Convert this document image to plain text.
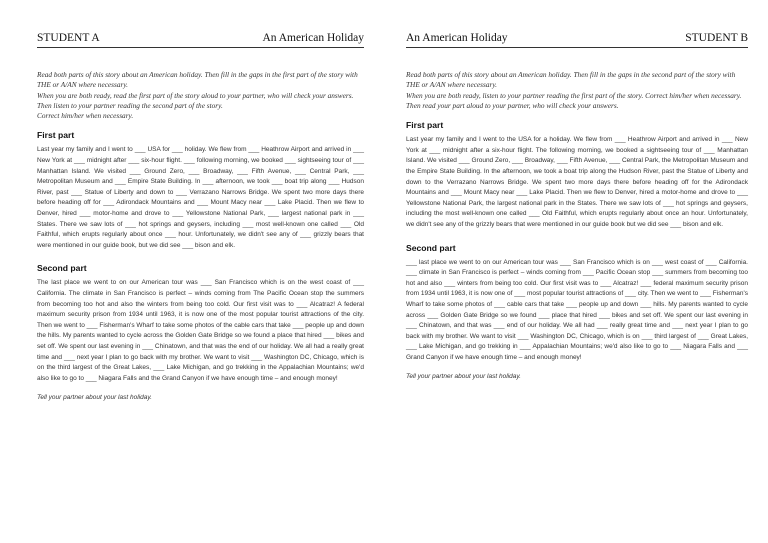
STUDENT A	An American Holiday
Read both parts of this story about an American holiday. Then fill in the gaps in the first part of the story with THE or A/AN where necessary.
When you are both ready, read the first part of the story aloud to your partner, who will check your answers. Then listen to your partner reading the second part of the story.
Correct him/her when necessary.
First part
Last year my family and I went to ___ USA for ___ holiday. We flew from ___ Heathrow Airport and arrived in ___ New York at ___ midnight after ___ six-hour flight. ___ following morning, we booked ___ sightseeing tour of ___ Manhattan Island. We visited ___ Ground Zero, ___ Broadway, ___ Fifth Avenue, ___ Central Park, ___ Metropolitan Museum and ___ Empire State Building. In ___ afternoon, we took ___ boat trip along ___ Hudson River, past ___ Statue of Liberty and down to ___ Verrazano Narrows Bridge. We spent two more days there before heading off for ___ Adirondack Mountains and ___ Mount Macy near ___ Lake Placid. Then we flew to Denver, hired ___ motor-home and drove to ___ Yellowstone National Park, ___ largest national park in ___ States. There we saw lots of ___ hot springs and geysers, including ___ most well-known one called ___ Old Faithful, which erupts regularly about once ___ hour. Unfortunately, we didn't see any of ___ grizzly bears that were mentioned in our guide book, but we did see ___ bison and elk.
Second part
The last place we went to on our American tour was ___ San Francisco which is on the west coast of ___ California. The climate in San Francisco is perfect – winds coming from The Pacific Ocean stop the summers from becoming too hot and also the winters from being too cold. Our first visit was to ___ Alcatraz! A federal maximum security prison from 1934 until 1963, it is now one of the most popular tourist attractions of the city. Then we went to ___ Fisherman's Wharf to take some photos of the cable cars that take ___ people up and down the hills. My parents wanted to cycle across the Golden Gate Bridge so we found a place that hired ___ bikes and set off. We spent our last evening in ___ Chinatown, and that was the end of our holiday. We all had a really great time and ___ next year I plan to go back with my brother. We want to visit ___ Washington DC, Chicago, which is on the third largest of the Great Lakes, ___ Lake Michigan, and go trekking in the Appalachian Mountains; we'd also like to go to ___ Niagara Falls and the Grand Canyon if we have enough time – and enough money!
Tell your partner about your last holiday.
An American Holiday	STUDENT B
Read both parts of this story about an American holiday. Then fill in the gaps in the second part of the story with THE or A/AN where necessary.
When you are both ready, listen to your partner reading the first part of the story. Correct him/her when necessary.
Then read your part aloud to your partner, who will check your answers.
First part
Last year my family and I went to the USA for a holiday. We flew from ___ Heathrow Airport and arrived in ___ New York at ___ midnight after a six-hour flight. The following morning, we booked a sightseeing tour of ___ Manhattan Island. We visited ___ Ground Zero, ___ Broadway, ___ Fifth Avenue, ___ Central Park, the Metropolitan Museum and the Empire State Building. In the afternoon, we took a boat trip along the Hudson River, past the Statue of Liberty and down to the Verrazano Narrows Bridge. We spent two more days there before heading off for the Adirondack Mountains and ___ Mount Macy near ___ Lake Placid. Then we flew to Denver, hired a motor-home and drove to ___ Yellowstone National Park, the largest national park in the States. There we saw lots of ___ hot springs and geysers, including the most well-known one called ___ Old Faithful, which erupts regularly about once an hour. Unfortunately, we didn't see any of the grizzly bears that were mentioned in our guide book but we did see ___ bison and elk.
Second part
___ last place we went to on our American tour was ___ San Francisco which is on ___ west coast of ___ California. ___ climate in San Francisco is perfect – winds coming from ___ Pacific Ocean stop ___ summers from becoming too hot and also ___ winters from being too cold. Our first visit was to ___ Alcatraz! ___ federal maximum security prison from 1934 until 1963, it is now one of ___ most popular tourist attractions of ___ city. Then we went to ___ Fisherman's Wharf to take some photos of ___ cable cars that take ___ people up and down ___ hills. My parents wanted to cycle across ___ Golden Gate Bridge so we found ___ place that hired ___ bikes and set off. We spent our last evening in ___ Chinatown, and that was ___ end of our holiday. We all had ___ really great time and ___ next year I plan to go back with my brother. We want to visit ___ Washington DC, Chicago, which is on ___ third largest of ___ Great Lakes, ___ Lake Michigan, and go trekking in ___ Appalachian Mountains; we'd also like to go to ___ Niagara Falls and ___ Grand Canyon if we have enough time – and enough money!
Tell your partner about your last holiday.
